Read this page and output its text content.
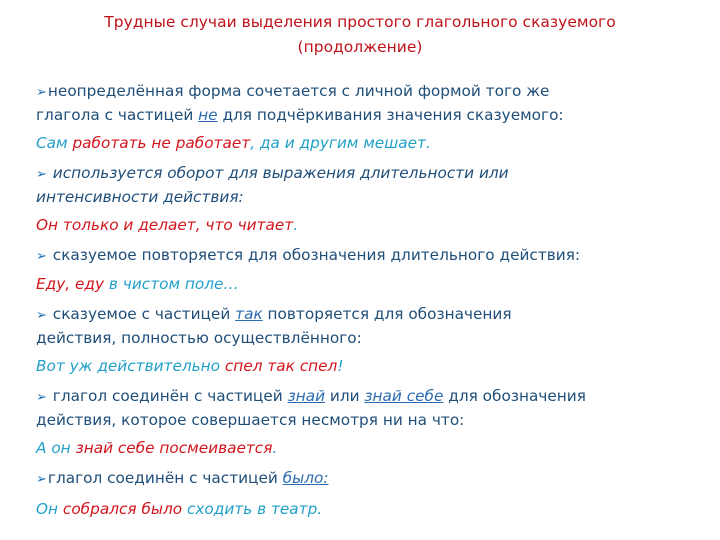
Трудные случаи выделения простого глагольного сказуемого
(продолжение)
➢неопределённая форма сочетается с личной формой того же
глагола с частицей не для подчёркивания значения сказуемого:
Сам работать не работает, да и другим мешает.
➢ используется оборот для выражения длительности или
интенсивности действия:
Он только и делает, что читает.
➢ сказуемое повторяется для обозначения длительного действия:
Еду, еду в чистом поле…
➢ сказуемое с частицей так повторяется для обозначения
действия, полностью осуществлённого:
Вот уж действительно спел так спел!
➢ глагол соединён с частицей знай или знай себе для обозначения
действия, которое совершается несмотря ни на что:
А он знай себе посмеивается.
➢глагол соединён с частицей было:
Он собрался было сходить в театр.
